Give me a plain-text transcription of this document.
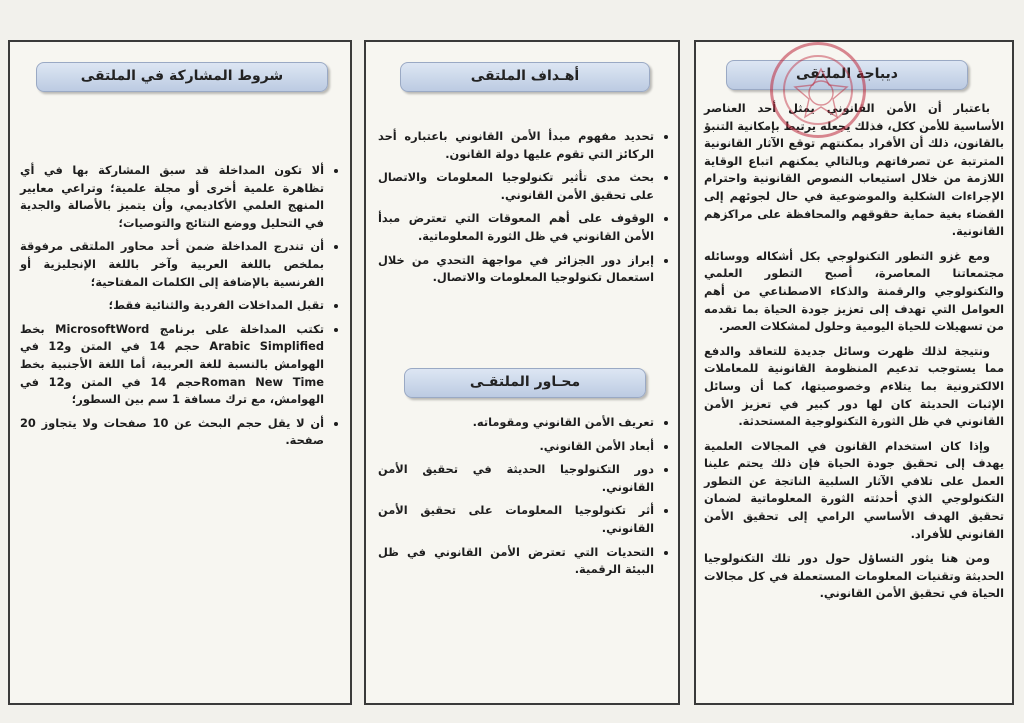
شروط المشاركة في الملتقى
• ألا تكون المداخلة قد سبق المشاركة بها في أي تظاهرة علمية أخرى أو مجلة علمية؛ وتراعي معايير المنهج العلمي الأكاديمي، وأن يتميز بالأصالة والجدية في التحليل ووضع النتائج والتوصيات؛
• أن تندرج المداخلة ضمن أحد محاور الملتقى مرفوقة بملخص باللغة العربية وآخر باللغة الإنجليزية أو الفرنسية بالإضافة إلى الكلمات المفتاحية؛
• تقبل المداخلات الفردية والثنائية فقط؛
• تكتب المداخلة على برنامج MicrosoftWord بخط Arabic Simplified حجم 14 في المتن و12 في الهوامش بالنسبة للغة العربية، أما اللغة الأجنبية بخط Roman New Timeحجم 14 في المتن و12 في الهوامش، مع ترك مسافة 1 سم بين السطور؛
• أن لا يقل حجم البحث عن 10 صفحات ولا يتجاوز 20 صفحة.
أهـداف الملتقى
• تحديد مفهوم مبدأ الأمن القانوني باعتباره أحد الركائز التي تقوم عليها دولة القانون.
• بحث مدى تأثير تكنولوجيا المعلومات والاتصال على تحقيق الأمن القانوني.
• الوقوف على أهم المعوقات التي تعترض مبدأ الأمن القانوني في ظل الثورة المعلوماتية.
• إبراز دور الجزائر في مواجهة التحدي من خلال استعمال تكنولوجيا المعلومات والاتصال.
محـاور الملتقـى
• تعريف الأمن القانوني ومقوماته.
• أبعاد الأمن القانوني.
• دور التكنولوجيا الحديثة في تحقيق الأمن القانوني.
• أثر تكنولوجيا المعلومات على تحقيق الأمن القانوني.
• التحديات التي تعترض الأمن القانوني في ظل البيئة الرقمية.
ديباجة الملتقى

باعتبار أن الأمن القانوني يمثل أحد العناصر الأساسية للأمن ككل، فذلك يجعله يرتبط بإمكانية التنبؤ بالقانون، ذلك أن الأفراد بمكنتهم توقع الآثار القانونية المترتبة عن تصرفاتهم وبالتالي يمكنهم اتباع الوقاية اللازمة من خلال استيعاب النصوص القانونية واحترام الإجراءات الشكلية والموضوعية في حال لجوئهم إلى القضاء بغية حماية حقوقهم والمحافظة على مراكزهم القانونية.

ومع غزو التطور التكنولوجي بكل أشكاله ووسائله مجتمعاتنا المعاصرة، أصبح التطور العلمي والتكنولوجي والرقمنة والذكاء الاصطناعي من أهم العوامل التي تهدف إلى تعزيز جودة الحياة بما تقدمه من تسهيلات للحياة اليومية وحلول لمشكلات العصر.

ونتيجة لذلك ظهرت وسائل جديدة للتعاقد والدفع مما يستوجب تدعيم المنظومة القانونية للمعاملات الالكترونية بما يتلاءم وخصوصيتها، كما أن وسائل الإثبات الحديثة كان لها دور كبير في تعزيز الأمن القانوني في ظل الثورة التكنولوجية المستحدثة.

وإذا كان استخدام القانون في المجالات العلمية يهدف إلى تحقيق جودة الحياة فإن ذلك يحتم علينا العمل على تلافي الآثار السلبية الناتجة عن التطور التكنولوجي الذي أحدثته الثورة المعلوماتية لضمان تحقيق الهدف الأساسي الرامي إلى تحقيق الأمن القانوني للأفراد.

ومن هنا يثور التساؤل حول دور تلك التكنولوجيا الحديثة وتقنيات المعلومات المستعملة في كل مجالات الحياة في تحقيق الأمن القانوني.
